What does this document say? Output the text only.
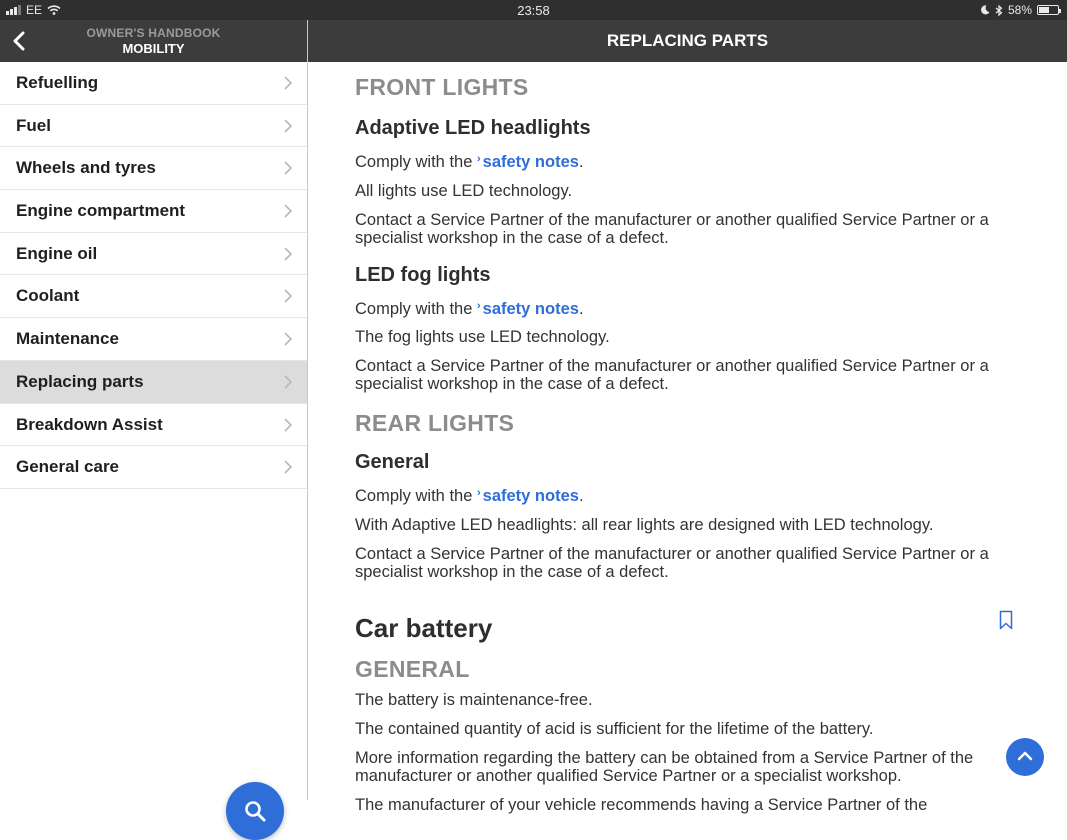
EE	23:58	58%
OWNER'S HANDBOOK
MOBILITY	REPLACING PARTS
Refuelling
Fuel
Wheels and tyres
Engine compartment
Engine oil
Coolant
Maintenance
Replacing parts
Breakdown Assist
General care
FRONT LIGHTS
Adaptive LED headlights
Comply with the › safety notes.
All lights use LED technology.
Contact a Service Partner of the manufacturer or another qualified Service Partner or a specialist workshop in the case of a defect.
LED fog lights
Comply with the › safety notes.
The fog lights use LED technology.
Contact a Service Partner of the manufacturer or another qualified Service Partner or a specialist workshop in the case of a defect.
REAR LIGHTS
General
Comply with the › safety notes.
With Adaptive LED headlights: all rear lights are designed with LED technology.
Contact a Service Partner of the manufacturer or another qualified Service Partner or a specialist workshop in the case of a defect.
Car battery
GENERAL
The battery is maintenance-free.
The contained quantity of acid is sufficient for the lifetime of the battery.
More information regarding the battery can be obtained from a Service Partner of the manufacturer or another qualified Service Partner or a specialist workshop.
The manufacturer of your vehicle recommends having a Service Partner of the
